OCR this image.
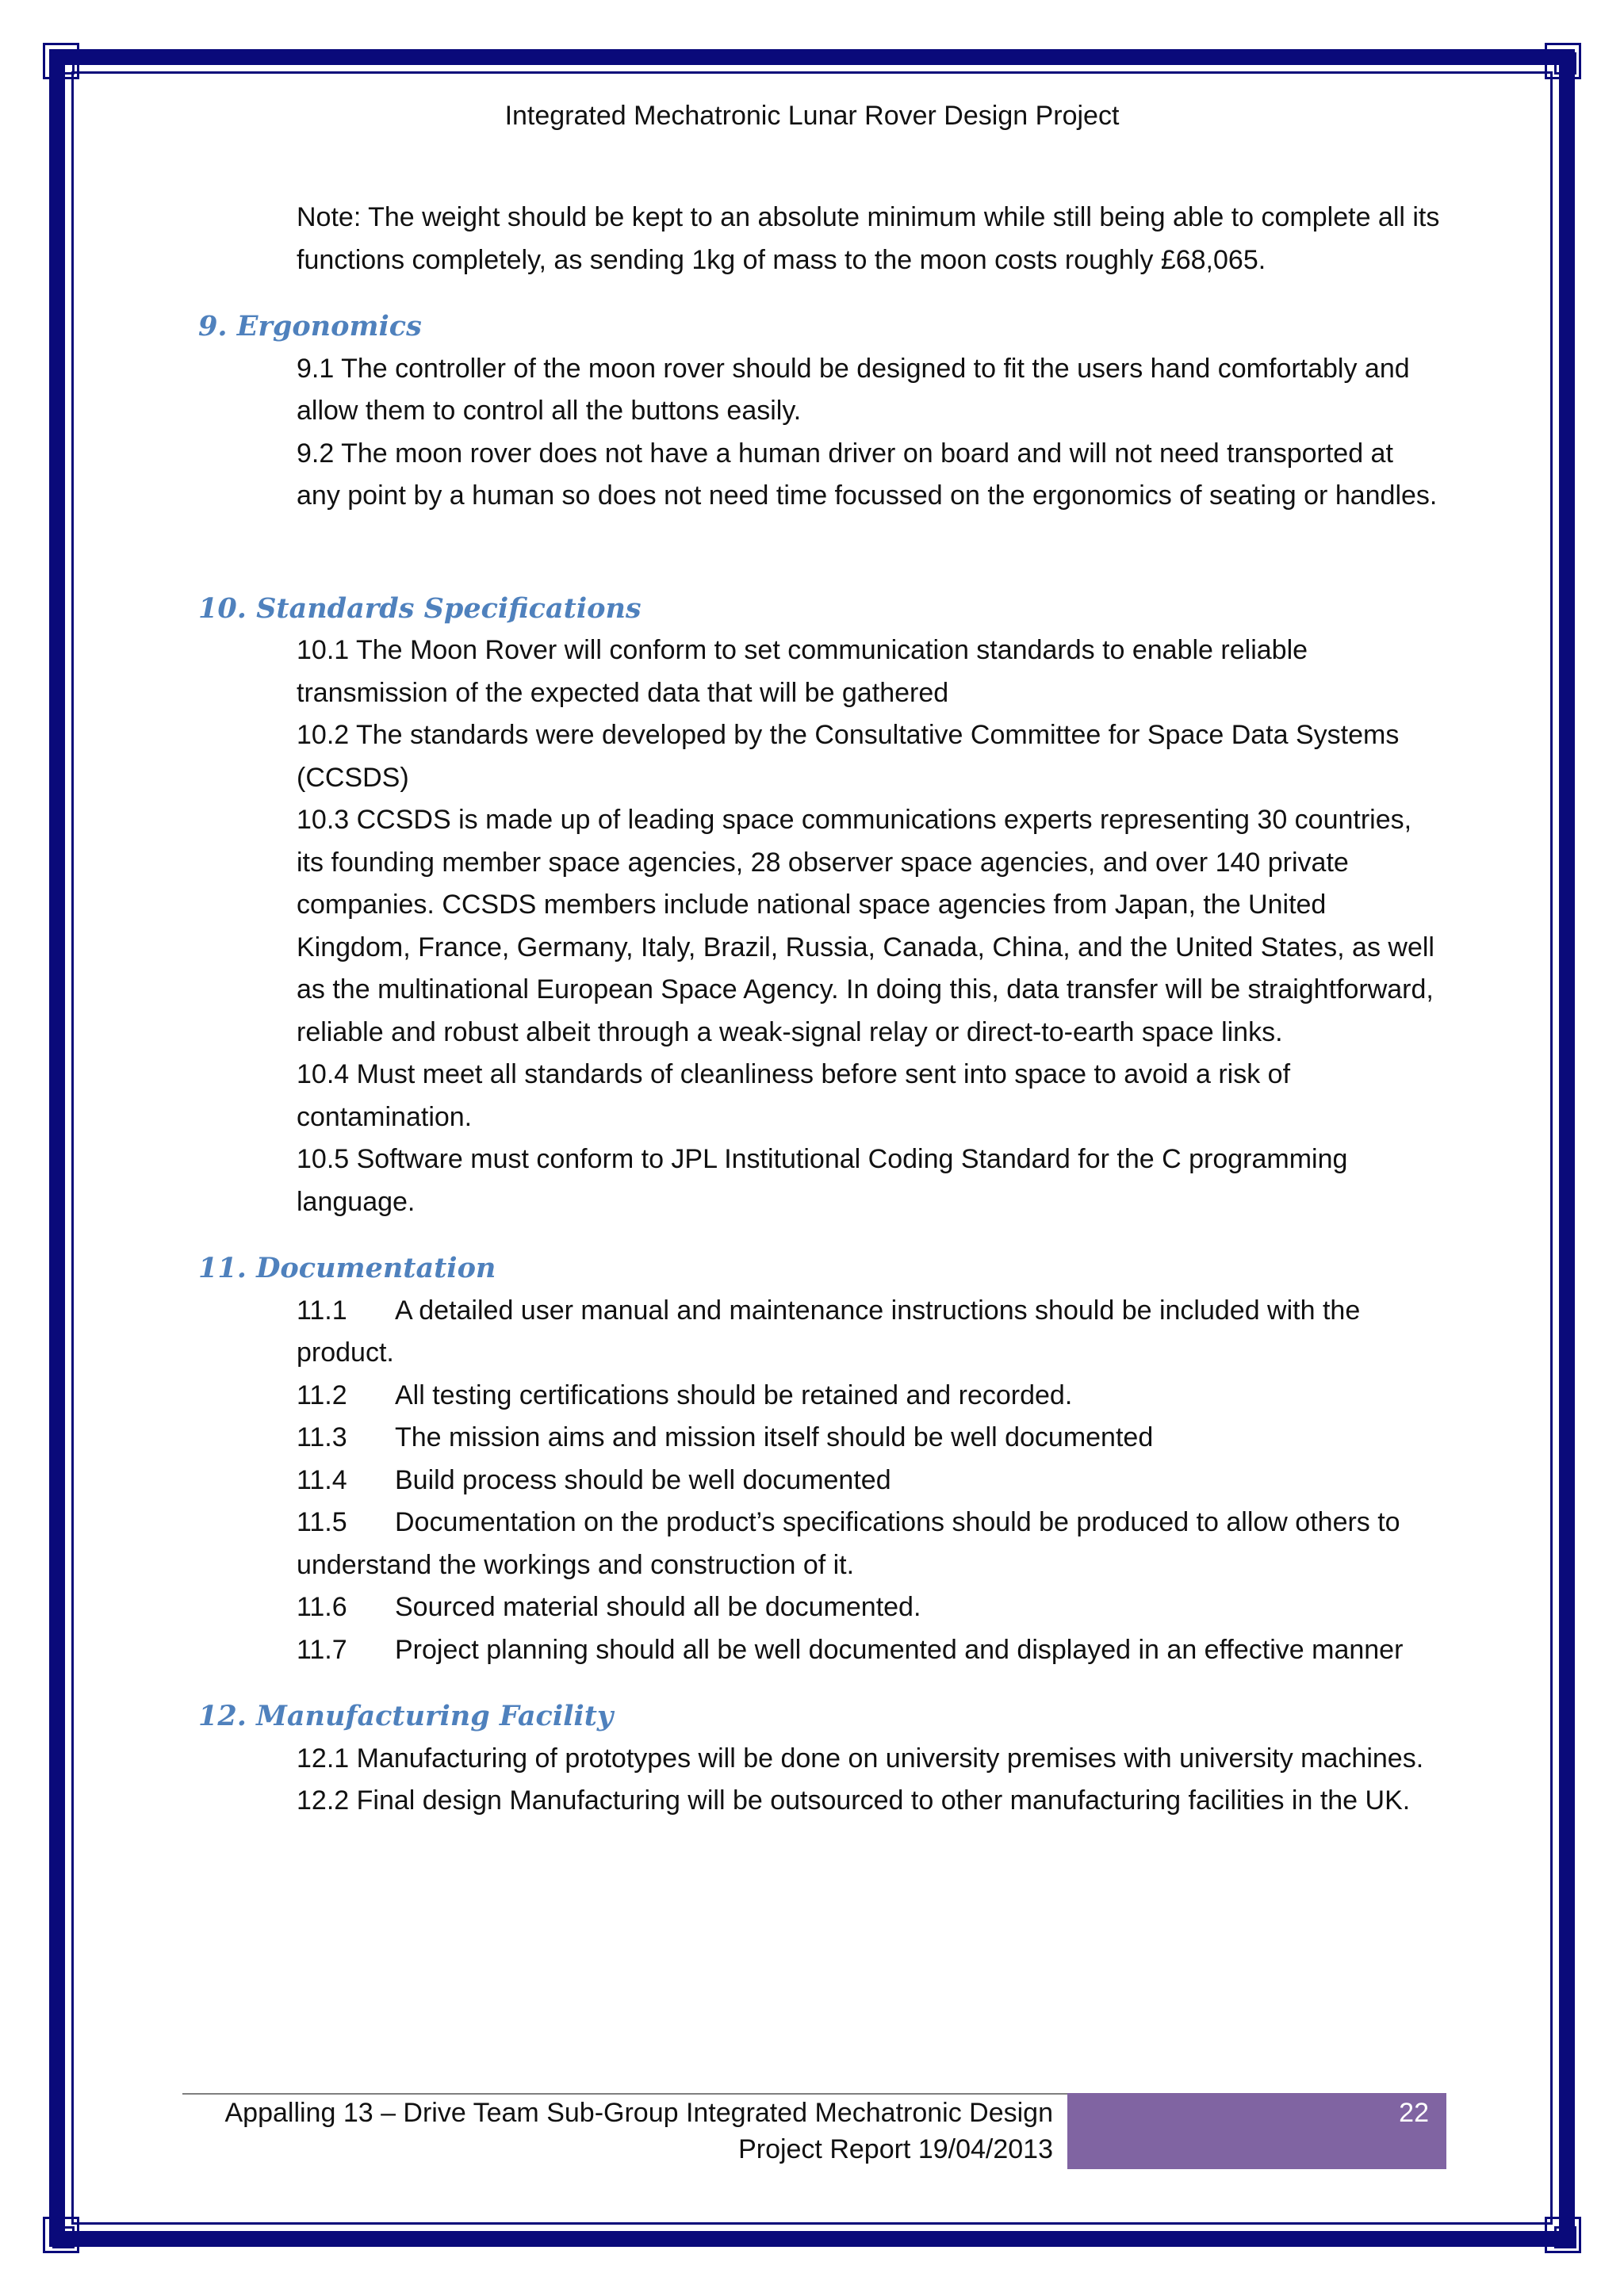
Integrated Mechatronic Lunar Rover Design Project
Note: The weight should be kept to an absolute minimum while still being able to complete all its functions completely, as sending 1kg of mass to the moon costs roughly £68,065.
9. Ergonomics
9.1 The controller of the moon rover should be designed to fit the users hand comfortably and allow them to control all the buttons easily.
9.2 The moon rover does not have a human driver on board and will not need transported at any point by a human so does not need time focussed on the ergonomics of seating or handles.
10. Standards Specifications
10.1 The Moon Rover will conform to set communication standards to enable reliable transmission of the expected data that will be gathered
10.2 The standards were developed by the Consultative Committee for Space Data Systems (CCSDS)
10.3 CCSDS is made up of leading space communications experts representing 30 countries, its founding member space agencies, 28 observer space agencies, and over 140 private companies. CCSDS members include national space agencies from Japan, the United Kingdom, France, Germany, Italy, Brazil, Russia, Canada, China, and the United States, as well as the multinational European Space Agency. In doing this, data transfer will be straightforward, reliable and robust albeit through a weak-signal relay or direct-to-earth space links.
10.4 Must meet all standards of cleanliness before sent into space to avoid a risk of contamination.
10.5 Software must conform to JPL Institutional Coding Standard for the C programming language.
11. Documentation
11.1 A detailed user manual and maintenance instructions should be included with the product.
11.2 All testing certifications should be retained and recorded.
11.3 The mission aims and mission itself should be well documented
11.4 Build process should be well documented
11.5 Documentation on the product’s specifications should be produced to allow others to understand the workings and construction of it.
11.6 Sourced material should all be documented.
11.7 Project planning should all be well documented and displayed in an effective manner
12. Manufacturing Facility
12.1 Manufacturing of prototypes will be done on university premises with university machines.
12.2 Final design Manufacturing will be outsourced to other manufacturing facilities in the UK.
Appalling 13 – Drive Team Sub-Group Integrated Mechatronic Design
Project Report 19/04/2013
22
